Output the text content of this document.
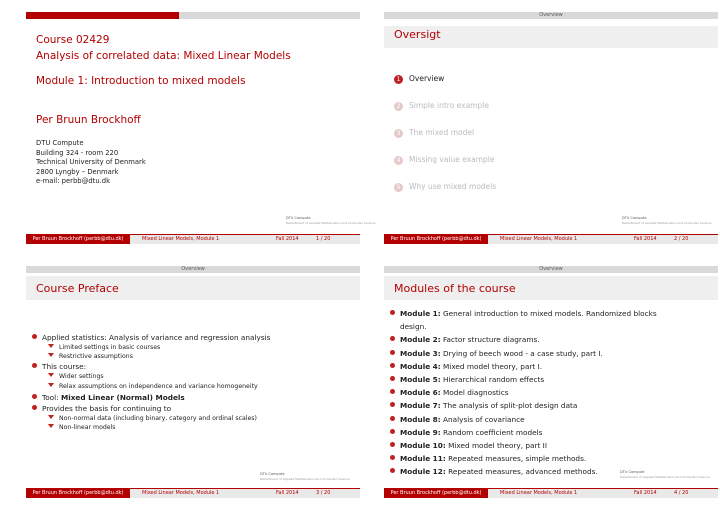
Course 02429
Analysis of correlated data: Mixed Linear Models
Module 1: Introduction to mixed models
Per Bruun Brockhoff
DTU Compute
Building 324 - room 220
Technical University of Denmark
2800 Lyngby – Denmark
e-mail: perbb@dtu.dk
DTU Compute
Department of Applied Mathematics and Computer Science
Per Bruun Brockhoff (perbb@dtu.dk)	Mixed Linear Models, Module 1	Fall 2014	1 / 20
Overview
Oversigt
1 Overview
2 Simple intro example
3 The mixed model
4 Missing value example
5 Why use mixed models
DTU Compute
Department of Applied Mathematics and Computer Science
Per Bruun Brockhoff (perbb@dtu.dk)	Mixed Linear Models, Module 1	Fall 2014	2 / 20
Overview
Course Preface
Applied statistics: Analysis of variance and regression analysis
Limited settings in basic courses
Restrictive assumptions
This course:
Wider settings
Relax assumptions on independence and variance homogeneity
Tool: Mixed Linear (Normal) Models
Provides the basis for continuing to
Non-normal data (including binary, category and ordinal scales)
Non-linear models
DTU Compute
Department of Applied Mathematics and Computer Science
Per Bruun Brockhoff (perbb@dtu.dk)	Mixed Linear Models, Module 1	Fall 2014	3 / 20
Overview
Modules of the course
Module 1: General introduction to mixed models. Randomized blocks
design.
Module 2: Factor structure diagrams.
Module 3: Drying of beech wood - a case study, part I.
Module 4: Mixed model theory, part I.
Module 5: Hierarchical random effects
Module 6: Model diagnostics
Module 7: The analysis of split-plot design data
Module 8: Analysis of covariance
Module 9: Random coefficient models
Module 10: Mixed model theory, part II
Module 11: Repeated measures, simple methods.
Module 12: Repeated measures, advanced methods.	DTU Compute
Department of Applied Mathematics and Computer Science
Per Bruun Brockhoff (perbb@dtu.dk)	Mixed Linear Models, Module 1	Fall 2014	4 / 20
